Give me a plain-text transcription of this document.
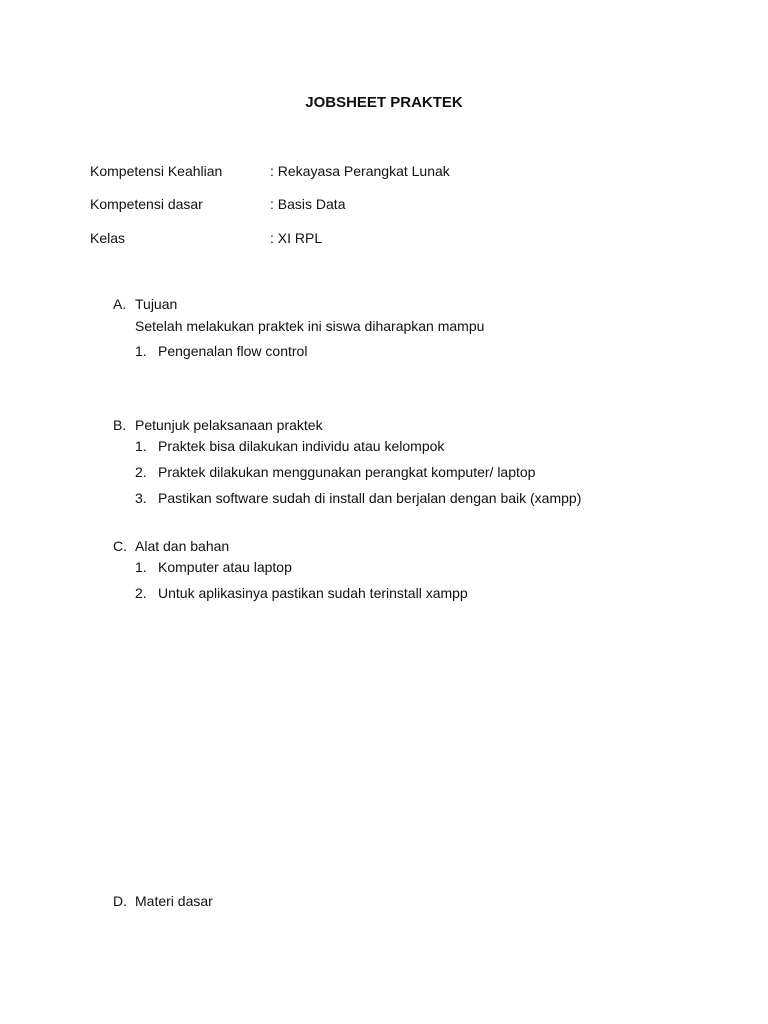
JOBSHEET PRAKTEK
Kompetensi Keahlian	: Rekayasa Perangkat Lunak
Kompetensi dasar	: Basis Data
Kelas	: XI RPL
A. Tujuan
Setelah melakukan praktek ini siswa diharapkan mampu
1. Pengenalan flow control
B. Petunjuk pelaksanaan praktek
1. Praktek bisa dilakukan individu atau kelompok
2. Praktek dilakukan menggunakan perangkat komputer/ laptop
3. Pastikan software sudah di install dan berjalan dengan baik (xampp)
C. Alat dan bahan
1. Komputer atau laptop
2. Untuk aplikasinya pastikan sudah terinstall xampp
D. Materi dasar
